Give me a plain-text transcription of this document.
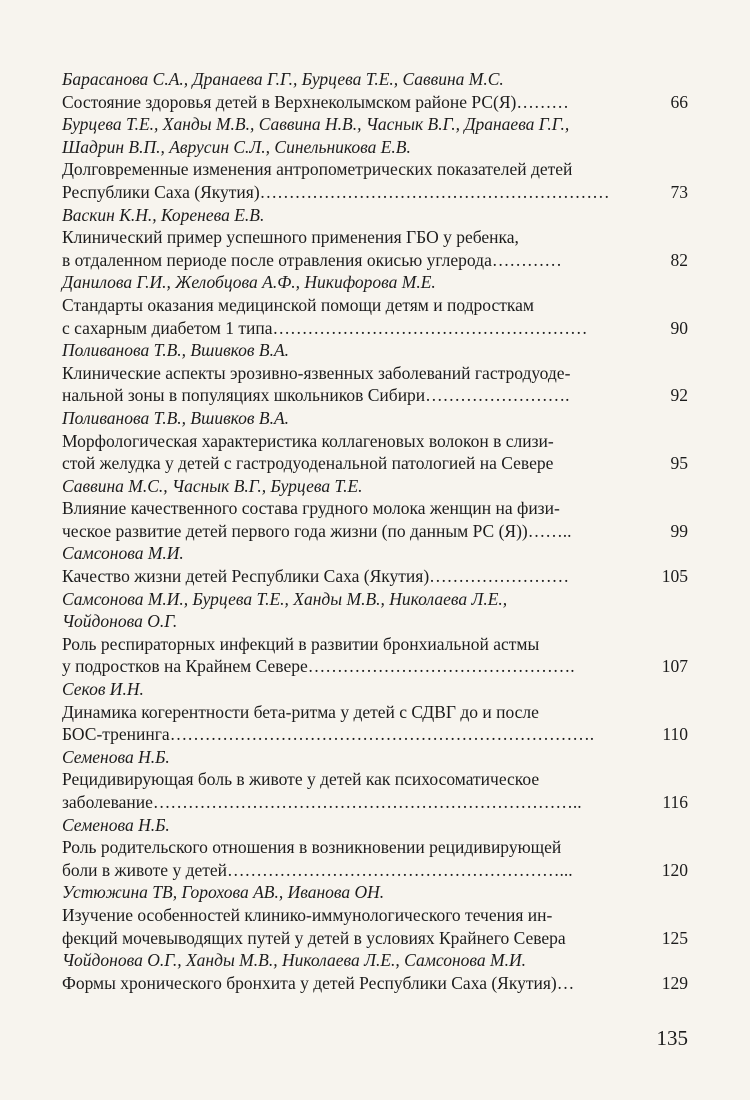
Барасанова С.А., Дранаева Г.Г., Бурцева Т.Е., Саввина М.С.
Состояние здоровья детей в Верхнеколымском районе РС(Я)………	66
Бурцева Т.Е., Ханды М.В., Саввина Н.В., Часнык В.Г., Дранаева Г.Г.,
Шадрин В.П., Аврусин С.Л., Синельникова Е.В.
Долговременные изменения антропометрических показателей детей
Республики Саха (Якутия)……………………………………………………	73
Васкин К.Н., Коренева Е.В.
Клинический пример успешного применения ГБО у ребенка,
в отдаленном периоде после отравления окисью углерода…………	82
Данилова Г.И., Желобцова А.Ф., Никифорова М.Е.
Стандарты оказания медицинской помощи детям и подросткам
с сахарным диабетом 1 типа………………………………………………	90
Поливанова Т.В., Вшивков В.А.
Клинические аспекты эрозивно-язвенных заболеваний гастродуоде-
нальной зоны в популяциях школьников Сибири…………………….	92
Поливанова Т.В., Вшивков В.А.
Морфологическая характеристика коллагеновых волокон в слизи-
стой желудка у детей с гастродуоденальной патологией на Севере	95
Саввина М.С., Часнык В.Г., Бурцева Т.Е.
Влияние качественного состава грудного молока женщин на физи-
ческое развитие детей первого года жизни (по данным РС (Я))……..	99
Самсонова М.И.
Качество жизни детей Республики Саха (Якутия)……………………	105
Самсонова М.И., Бурцева Т.Е., Ханды М.В., Николаева Л.Е.,
Чойдонова О.Г.
Роль респираторных инфекций в развитии бронхиальной астмы
у подростков на Крайнем Севере……………………………………….	107
Секов И.Н.
Динамика когерентности бета-ритма у детей с СДВГ до и после
БОС-тренинга……………………………………………………………….	110
Семенова Н.Б.
Рецидивирующая боль в животе у детей как психосоматическое
заболевание………………………………………………………………..	116
Семенова Н.Б.
Роль родительского отношения в возникновении рецидивирующей
боли в животе у детей…………………………………………………...	120
Устюжина ТВ, Горохова АВ., Иванова ОН.
Изучение особенностей клинико-иммунологического течения ин-
фекций мочевыводящих путей у детей в условиях Крайнего Севера	125
Чойдонова О.Г., Ханды М.В., Николаева Л.Е., Самсонова М.И.
Формы хронического бронхита у детей Республики Саха (Якутия)…	129
135
